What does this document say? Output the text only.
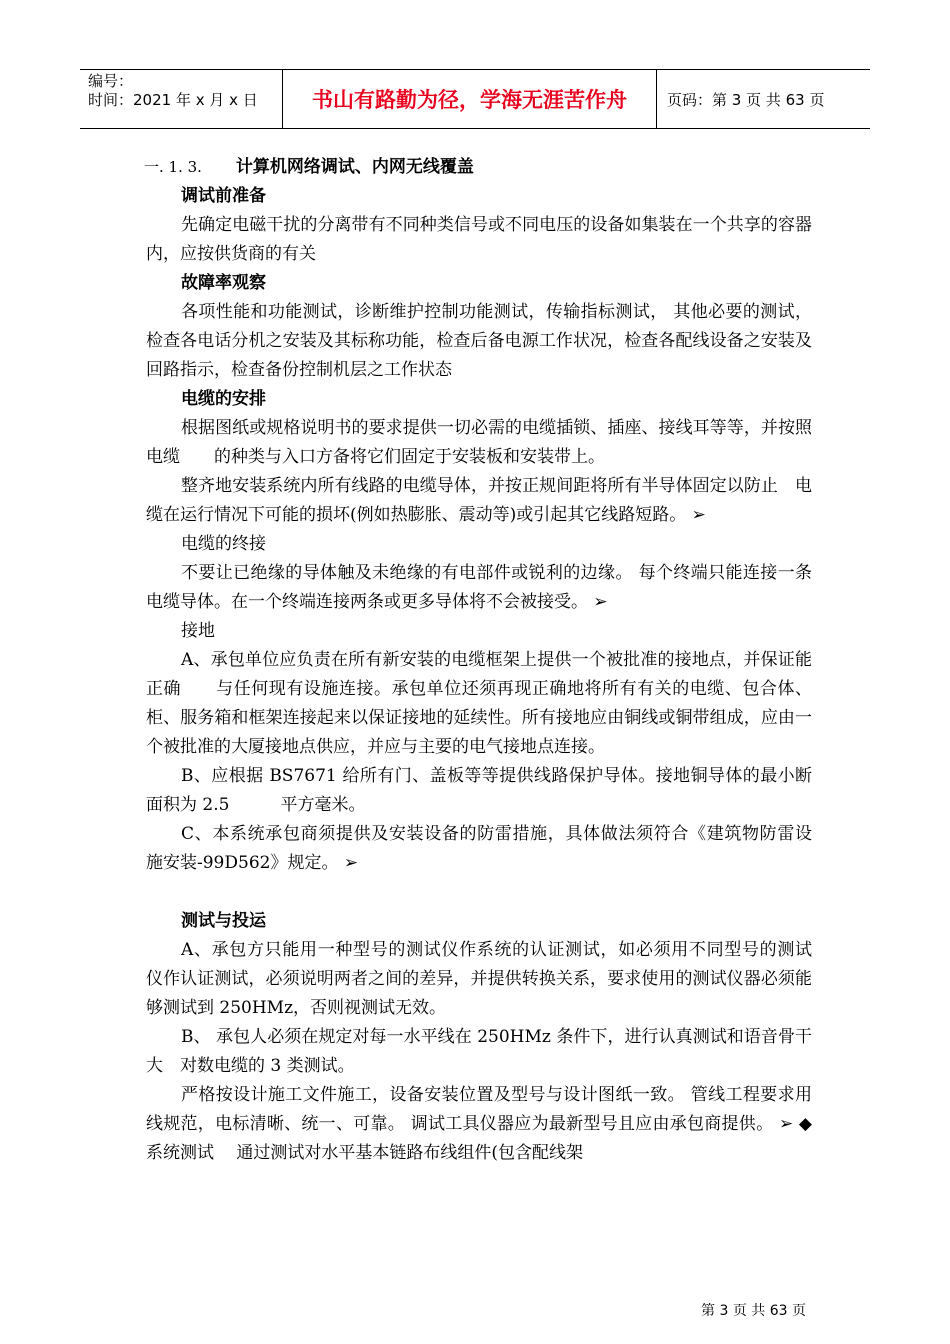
编号：
时间：2021 年 x 月 x 日	书山有路勤为径，学海无涯苦作舟	页码：第 3 页 共 63 页
一. 1. 3. 计算机网络调试、内网无线覆盖

调试前准备

先确定电磁干扰的分离带有不同种类信号或不同电压的设备如集装在一个共享的容器内，应按供货商的有关

故障率观察

各项性能和功能测试，诊断维护控制功能测试，传输指标测试， 其他必要的测试，检查各电话分机之安装及其标称功能，检查后备电源工作状况，检查各配线设备之安装及回路指示，检查备份控制机层之工作状态

电缆的安排

根据图纸或规格说明书的要求提供一切必需的电缆插锁、插座、接线耳等等，并按照电缆　　的种类与入口方备将它们固定于安装板和安装带上。

整齐地安装系统内所有线路的电缆导体，并按正规间距将所有半导体固定以防止　电缆在运行情况下可能的损坏(例如热膨胀、震动等)或引起其它线路短路。 ➢

电缆的终接

不要让已绝缘的导体触及未绝缘的有电部件或锐利的边缘。 每个终端只能连接一条电缆导体。在一个终端连接两条或更多导体将不会被接受。 ➢

接地

A、承包单位应负责在所有新安装的电缆框架上提供一个被批准的接地点，并保证能正确　　与任何现有设施连接。承包单位还须再现正确地将所有有关的电缆、包合体、柜、服务箱和框架连接起来以保证接地的延续性。所有接地应由铜线或铜带组成，应由一个被批准的大厦接地点供应，并应与主要的电气接地点连接。

B、应根据 BS7671 给所有门、盖板等等提供线路保护导体。接地铜导体的最小断面积为 2.5　　　平方毫米。

C、本系统承包商须提供及安装设备的防雷措施，具体做法须符合《建筑物防雷设　施安装-99D562》规定。 ➢

测试与投运

A、承包方只能用一种型号的测试仪作系统的认证测试，如必须用不同型号的测试　仪作认证测试，必须说明两者之间的差异，并提供转换关系，要求使用的测试仪器必须能够测试到 250HMz，否则视测试无效。

B、 承包人必须在规定对每一水平线在 250HMz 条件下，进行认真测试和语音骨干大　对数电缆的 3 类测试。

严格按设计施工文件施工，设备安装位置及型号与设计图纸一致。 管线工程要求用线规范，电标清晰、统一、可靠。 调试工具仪器应为最新型号且应由承包商提供。 ➢ ◆ 系统测试　 通过测试对水平基本链路布线组件(包含配线架

第 3 页 共 63 页
